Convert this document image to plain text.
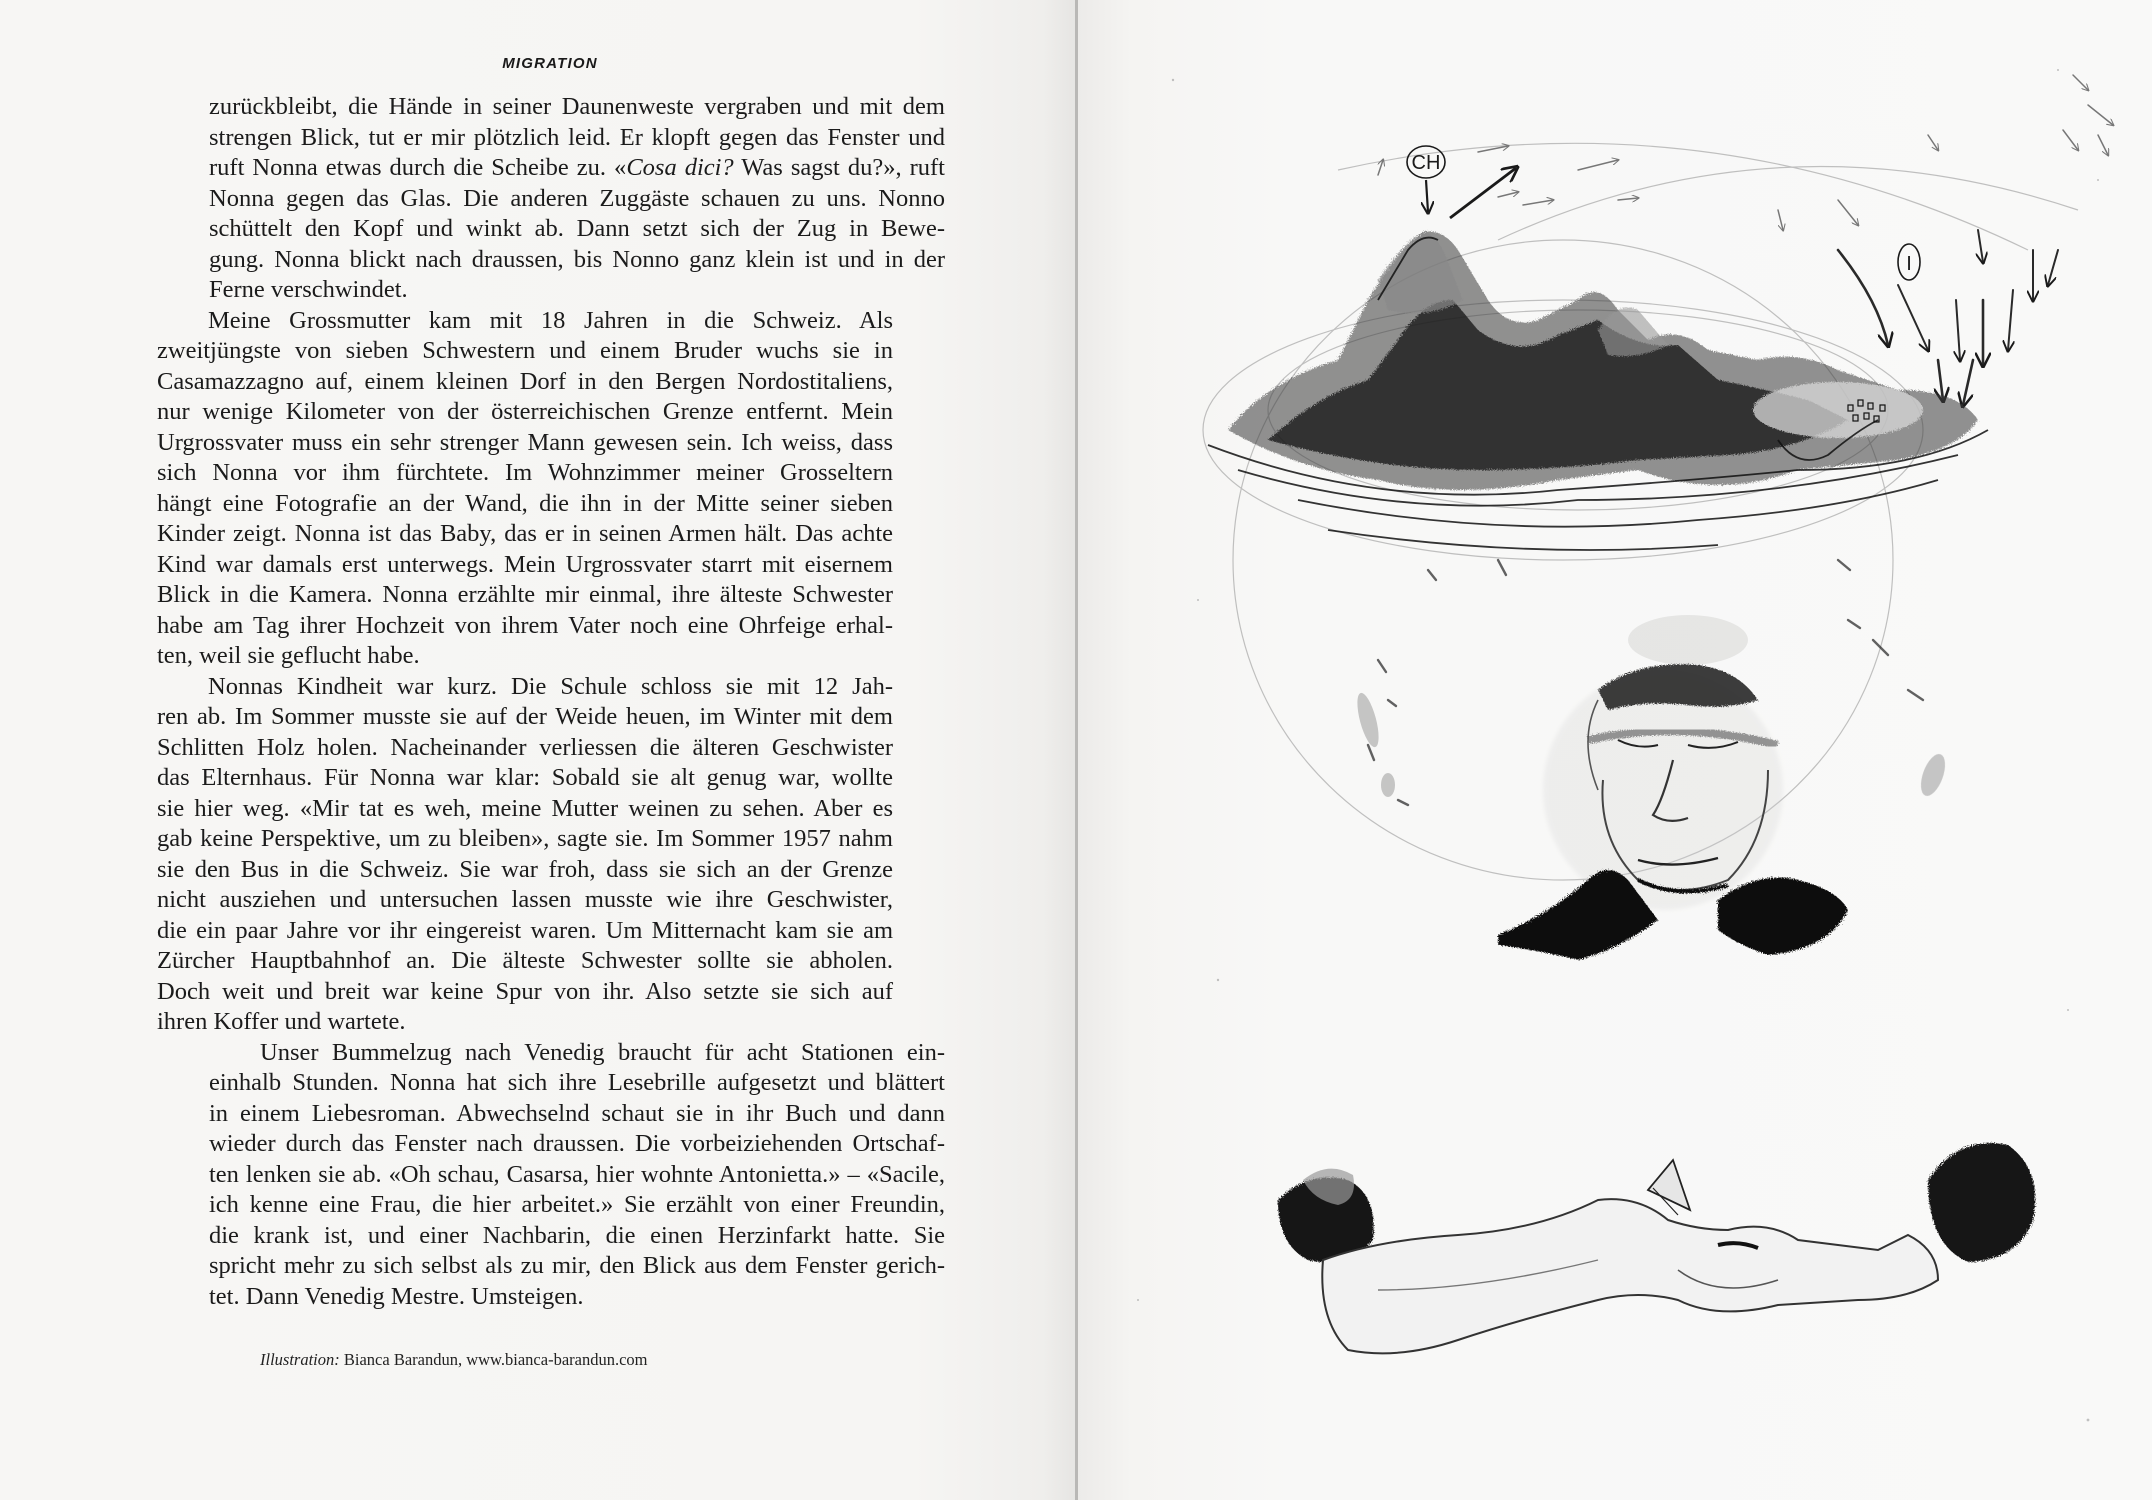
MIGRATION
zurückbleibt, die Hände in seiner Daunenweste vergraben und mit dem
strengen Blick, tut er mir plötzlich leid. Er klopft gegen das Fenster und
ruft Nonna etwas durch die Scheibe zu. «Cosa dici? Was sagst du?», ruft
Nonna gegen das Glas. Die anderen Zuggäste schauen zu uns. Nonno
schüttelt den Kopf und winkt ab. Dann setzt sich der Zug in Bewe-
gung. Nonna blickt nach draussen, bis Nonno ganz klein ist und in der
Ferne verschwindet.
Meine Grossmutter kam mit 18 Jahren in die Schweiz. Als
zweitjüngste von sieben Schwestern und einem Bruder wuchs sie in
Casamazzagno auf, einem kleinen Dorf in den Bergen Nordostitaliens,
nur wenige Kilometer von der österreichischen Grenze entfernt. Mein
Urgrossvater muss ein sehr strenger Mann gewesen sein. Ich weiss, dass
sich Nonna vor ihm fürchtete. Im Wohnzimmer meiner Grosseltern
hängt eine Fotografie an der Wand, die ihn in der Mitte seiner sieben
Kinder zeigt. Nonna ist das Baby, das er in seinen Armen hält. Das achte
Kind war damals erst unterwegs. Mein Urgrossvater starrt mit eisernem
Blick in die Kamera. Nonna erzählte mir einmal, ihre älteste Schwester
habe am Tag ihrer Hochzeit von ihrem Vater noch eine Ohrfeige erhal-
ten, weil sie geflucht habe.
Nonnas Kindheit war kurz. Die Schule schloss sie mit 12 Jah-
ren ab. Im Sommer musste sie auf der Weide heuen, im Winter mit dem
Schlitten Holz holen. Nacheinander verliessen die älteren Geschwister
das Elternhaus. Für Nonna war klar: Sobald sie alt genug war, wollte
sie hier weg. «Mir tat es weh, meine Mutter weinen zu sehen. Aber es
gab keine Perspektive, um zu bleiben», sagte sie. Im Sommer 1957 nahm
sie den Bus in die Schweiz. Sie war froh, dass sie sich an der Grenze
nicht ausziehen und untersuchen lassen musste wie ihre Geschwister,
die ein paar Jahre vor ihr eingereist waren. Um Mitternacht kam sie am
Zürcher Hauptbahnhof an. Die älteste Schwester sollte sie abholen.
Doch weit und breit war keine Spur von ihr. Also setzte sie sich auf
ihren Koffer und wartete.
Unser Bummelzug nach Venedig braucht für acht Stationen ein-
einhalb Stunden. Nonna hat sich ihre Lesebrille aufgesetzt und blättert
in einem Liebesroman. Abwechselnd schaut sie in ihr Buch und dann
wieder durch das Fenster nach draussen. Die vorbeiziehenden Ortschaf-
ten lenken sie ab. «Oh schau, Casarsa, hier wohnte Antonietta.» – «Sacile,
ich kenne eine Frau, die hier arbeitet.» Sie erzählt von einer Freundin,
die krank ist, und einer Nachbarin, die einen Herzinfarkt hatte. Sie
spricht mehr zu sich selbst als zu mir, den Blick aus dem Fenster gerich-
tet. Dann Venedig Mestre. Umsteigen.
Illustration: Bianca Barandun, www.bianca-barandun.com
CH
I
